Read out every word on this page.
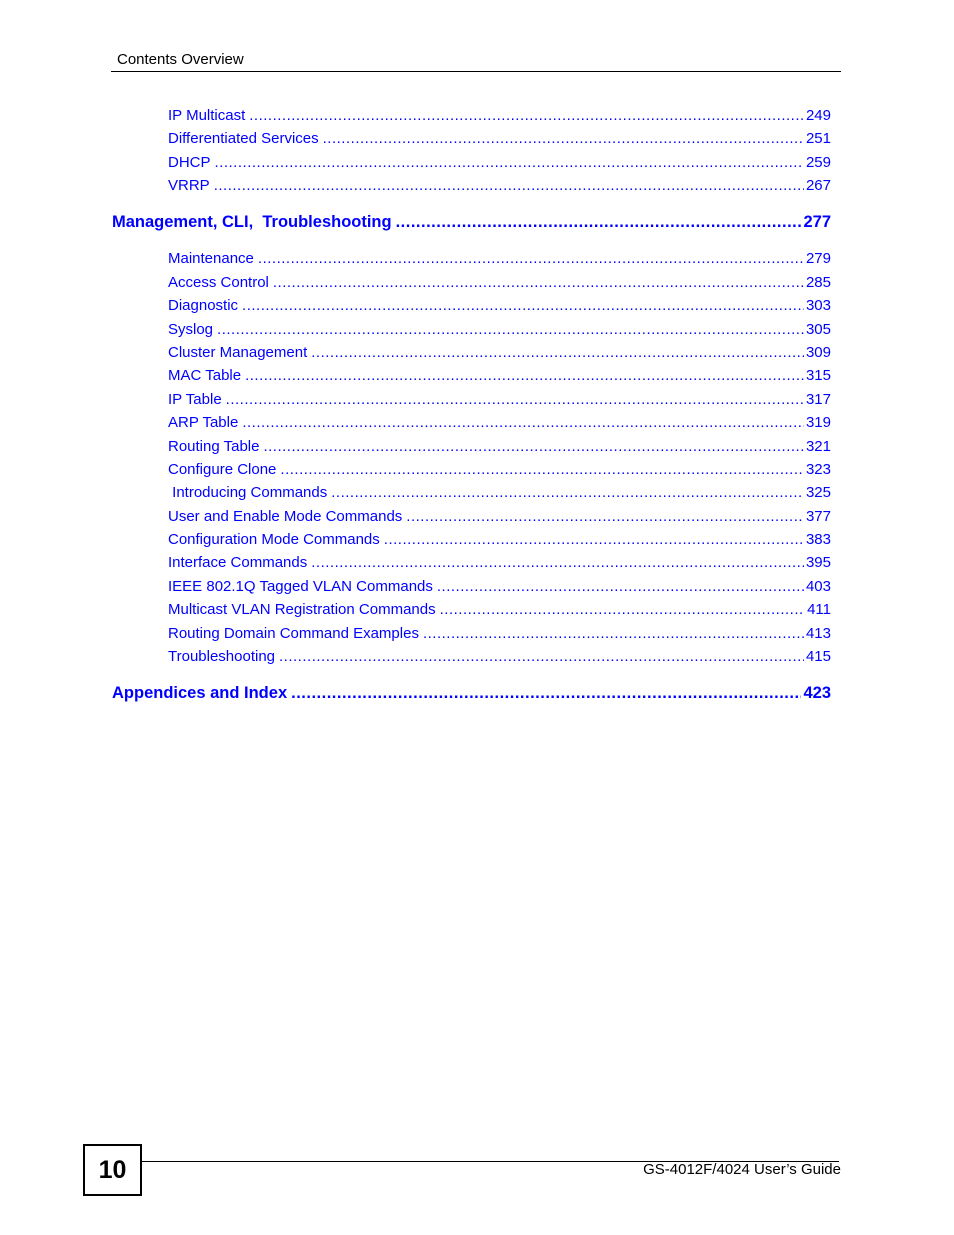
Contents Overview
IP Multicast .....	249
Differentiated Services .....	251
DHCP .....	259
VRRP .....	267
Management, CLI,  Troubleshooting .....	277
Maintenance .....	279
Access Control .....	285
Diagnostic .....	303
Syslog .....	305
Cluster Management .....	309
MAC Table .....	315
IP Table .....	317
ARP Table .....	319
Routing Table .....	321
Configure Clone .....	323
Introducing Commands .....	325
User and Enable Mode Commands .....	377
Configuration Mode Commands .....	383
Interface Commands .....	395
IEEE 802.1Q Tagged VLAN Commands .....	403
Multicast VLAN Registration Commands .....	411
Routing Domain Command Examples .....	413
Troubleshooting .....	415
Appendices and Index .....	423
10	GS-4012F/4024 User’s Guide
